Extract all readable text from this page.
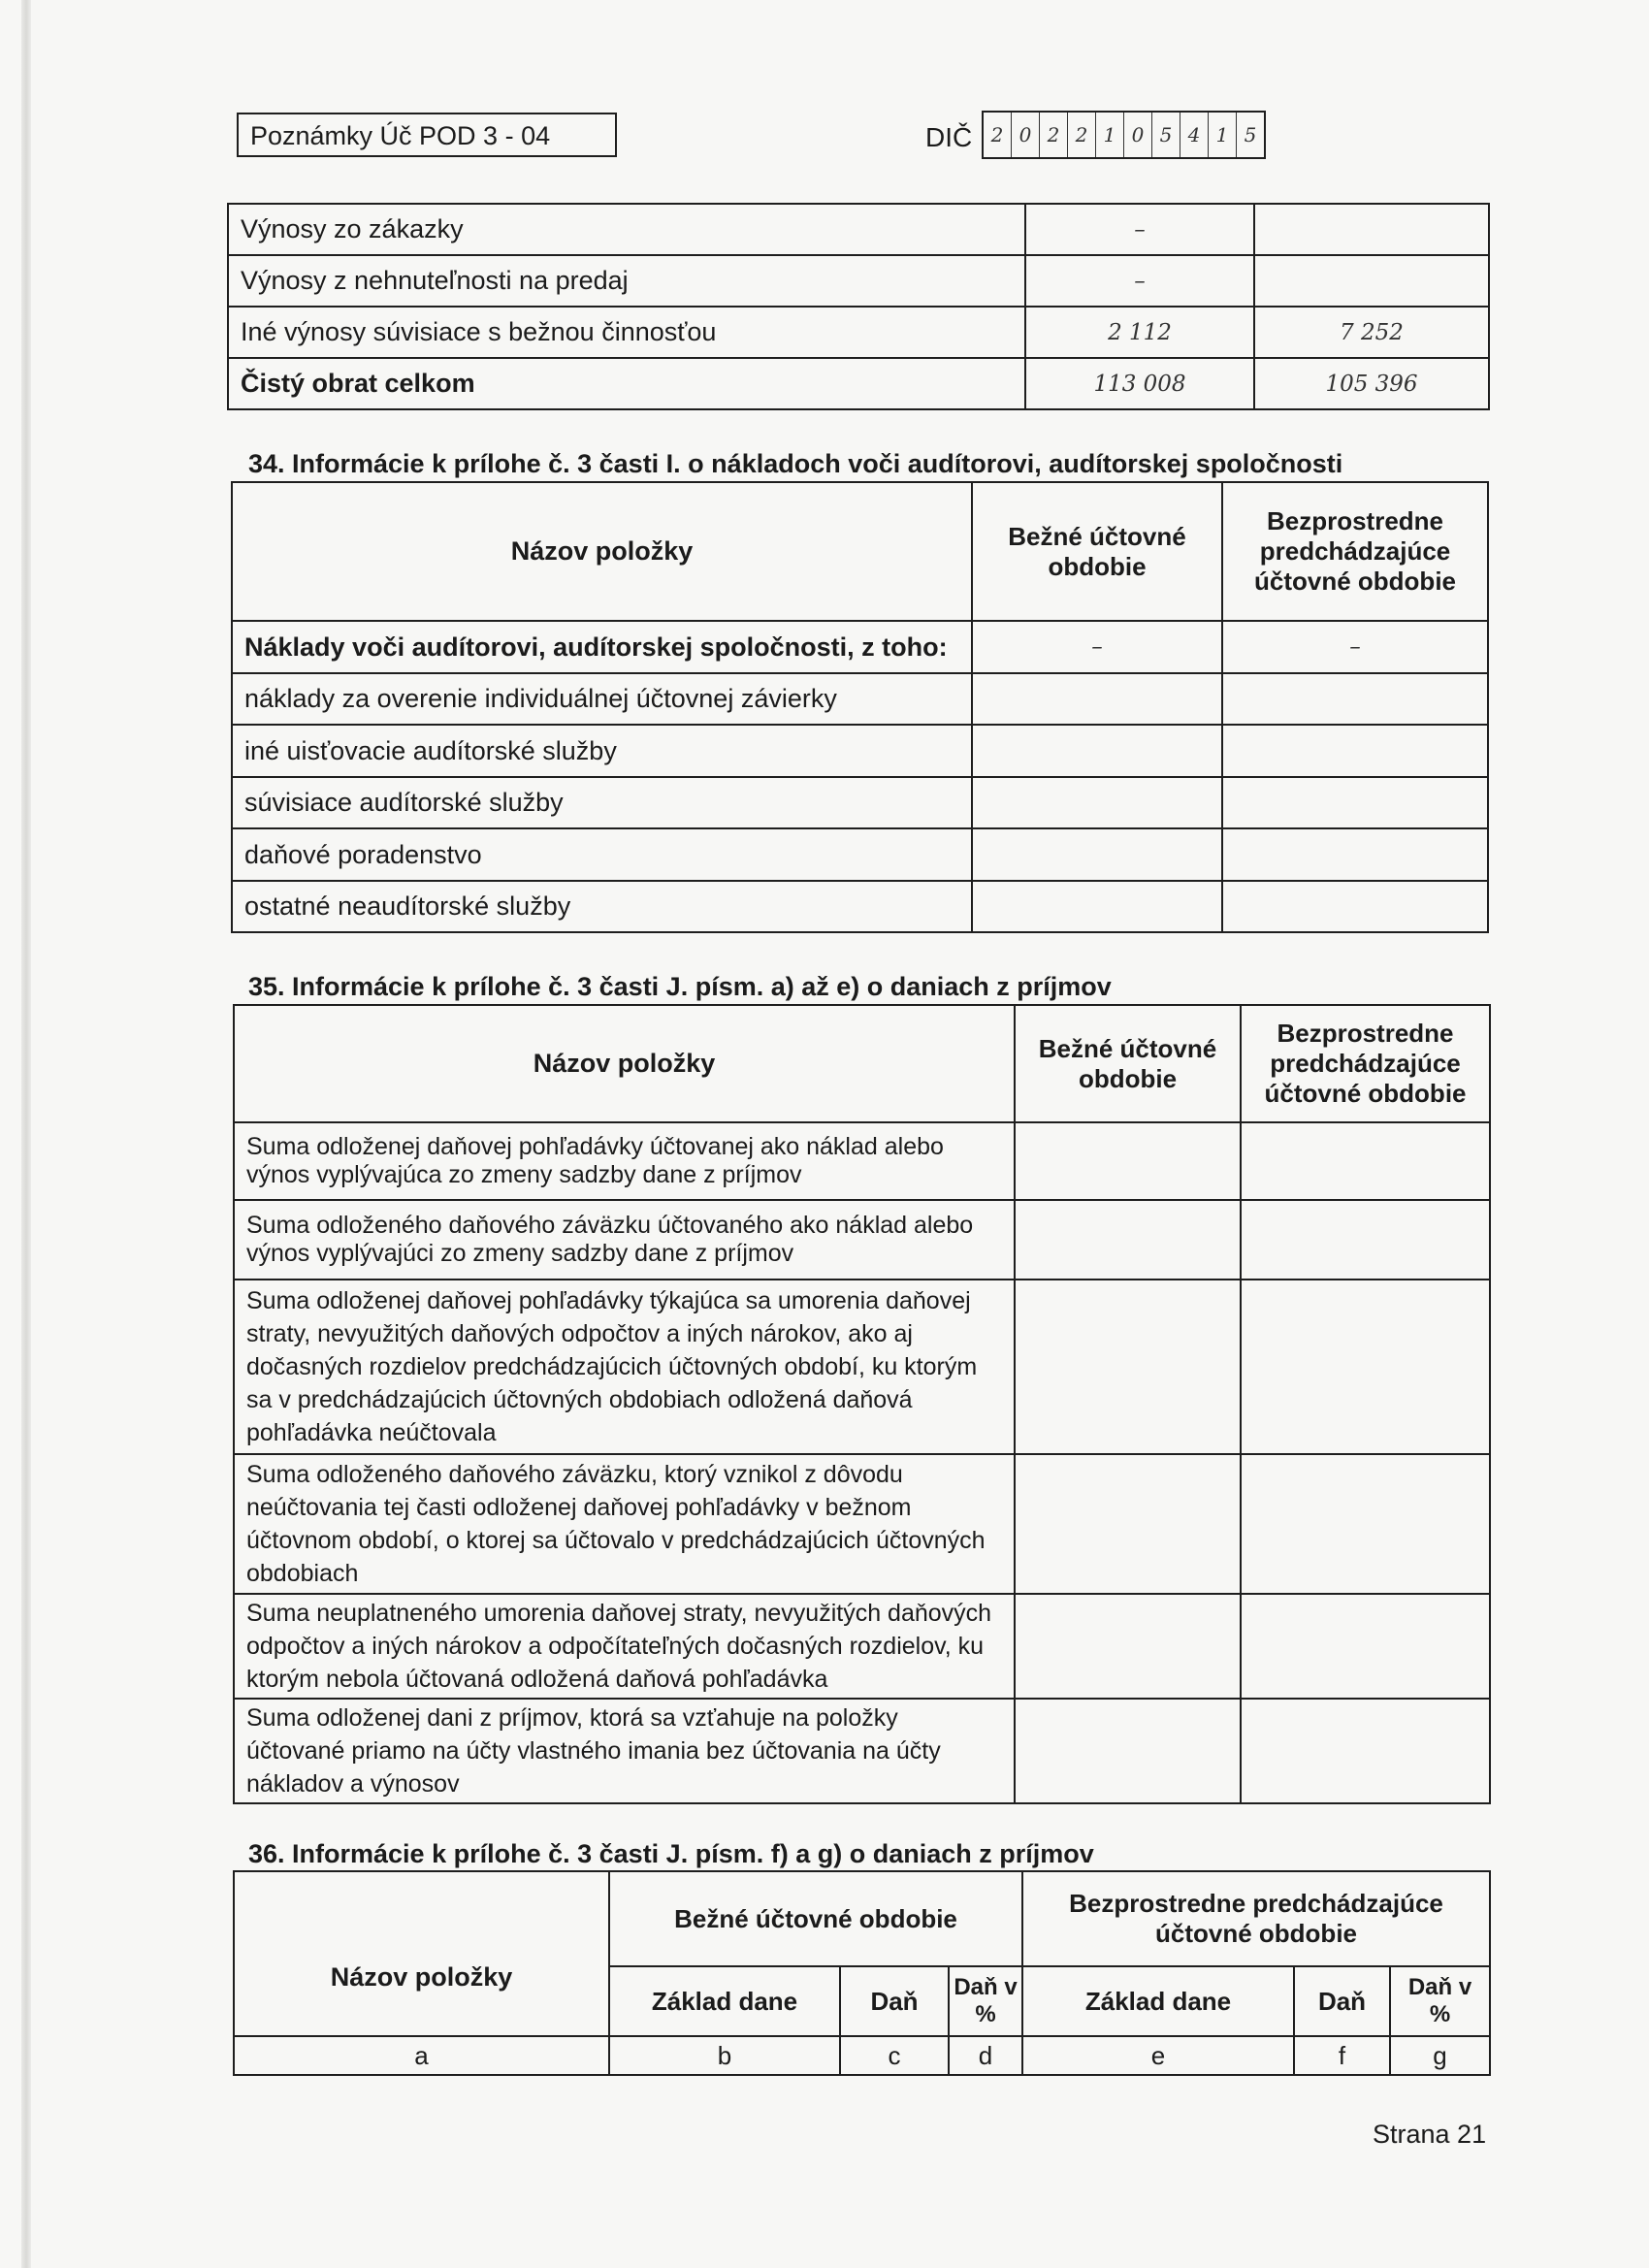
Poznámky Úč POD 3 - 04	DIČ 2 0 2 2 1 0 5 4 1 5
Výnosy zo zákazky	–	
Výnosy z nehnuteľnosti na predaj	–	
Iné výnosy súvisiace s bežnou činnosťou	2 112	7 252
Čistý obrat celkom	113 008	105 396
34. Informácie k prílohe č. 3 časti I. o nákladoch voči audítorovi, audítorskej spoločnosti
Názov položky	Bežné účtovné obdobie	Bezprostredne predchádzajúce účtovné obdobie
Náklady voči audítorovi, audítorskej spoločnosti, z toho:	–	–
náklady za overenie individuálnej účtovnej závierky		
iné uisťovacie audítorské služby		
súvisiace audítorské služby		
daňové poradenstvo		
ostatné neaudítorské služby		
35. Informácie k prílohe č. 3 časti J. písm. a) až e) o daniach z príjmov
Názov položky	Bežné účtovné obdobie	Bezprostredne predchádzajúce účtovné obdobie
Suma odloženej daňovej pohľadávky účtovanej ako náklad alebo výnos vyplývajúca zo zmeny sadzby dane z príjmov		
Suma odloženého daňového záväzku účtovaného ako náklad alebo výnos vyplývajúci zo zmeny sadzby dane z príjmov		
Suma odloženej daňovej pohľadávky týkajúca sa umorenia daňovej straty, nevyužitých daňových odpočtov a iných nárokov, ako aj dočasných rozdielov predchádzajúcich účtovných období, ku ktorým sa v predchádzajúcich účtovných obdobiach odložená daňová pohľadávka neúčtovala		
Suma odloženého daňového záväzku, ktorý vznikol z dôvodu neúčtovania tej časti odloženej daňovej pohľadávky v bežnom účtovnom období, o ktorej sa účtovalo v predchádzajúcich účtovných obdobiach		
Suma neuplatneného umorenia daňovej straty, nevyužitých daňových odpočtov a iných nárokov a odpočítateľných dočasných rozdielov, ku ktorým nebola účtovaná odložená daňová pohľadávka		
Suma odloženej dani z príjmov, ktorá sa vzťahuje na položky účtované priamo na účty vlastného imania bez účtovania na účty nákladov a výnosov		
36. Informácie k prílohe č. 3 časti J. písm. f) a g) o daniach z príjmov
Názov položky	Bežné účtovné obdobie			Bezprostredne predchádzajúce účtovné obdobie		
	Základ dane	Daň	Daň v %	Základ dane	Daň	Daň v %
a	b	c	d	e	f	g
Strana 21
